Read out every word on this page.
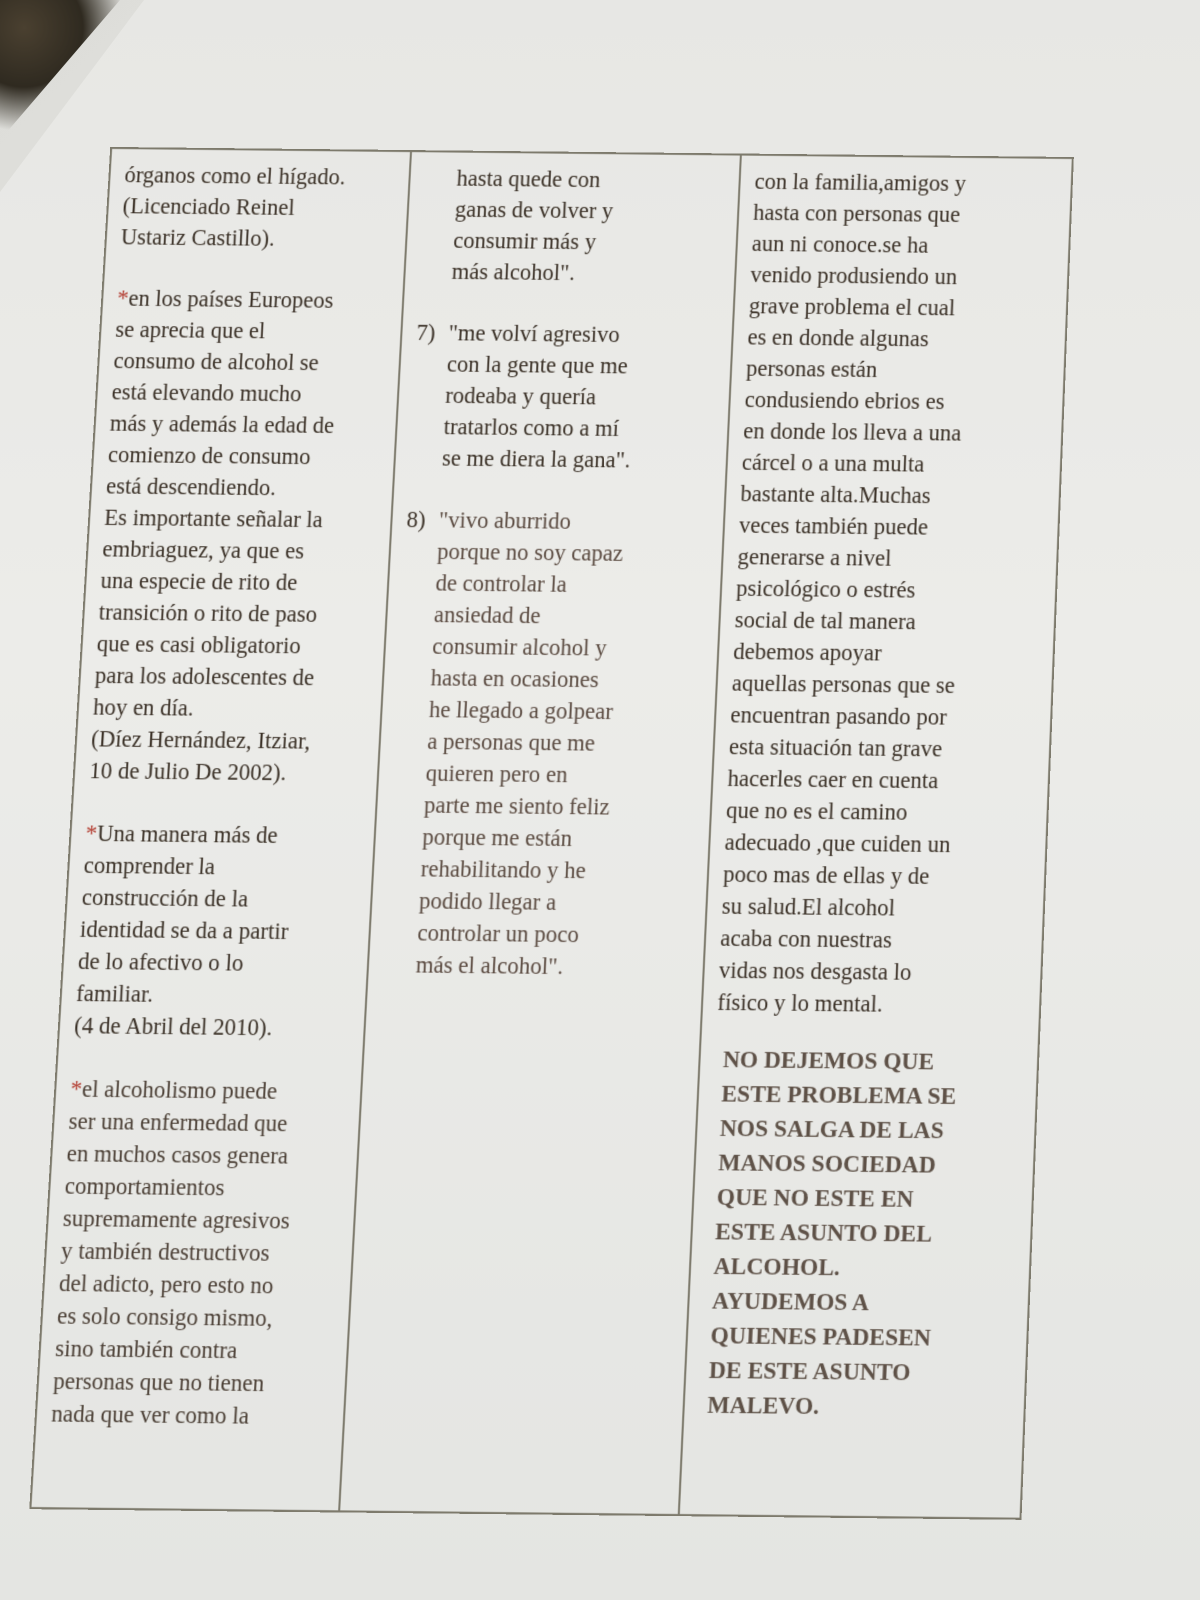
órganos como el hígado.
(Licenciado Reinel
Ustariz Castillo).

*en los países Europeos
se aprecia que el
consumo de alcohol se
está elevando mucho
más y además la edad de
comienzo de consumo
está descendiendo.
Es importante señalar la
embriaguez, ya que es
una especie de rito de
transición o rito de paso
que es casi obligatorio
para los adolescentes de
hoy en día.
(Díez Hernández, Itziar,
10 de Julio De 2002).

*Una manera más de
comprender la
construcción de la
identidad se da a partir
de lo afectivo o lo
familiar.
(4 de Abril del 2010).

*el alcoholismo puede
ser una enfermedad que
en muchos casos genera
comportamientos
supremamente agresivos
y también destructivos
del adicto, pero esto no
es solo consigo mismo,
sino también contra
personas que no tienen
nada que ver como la

hasta quede con
ganas de volver y
consumir más y
más alcohol".

7) "me volví agresivo
con la gente que me
rodeaba y quería
tratarlos como a mí
se me diera la gana".

8) "vivo aburrido
porque no soy capaz
de controlar la
ansiedad de
consumir alcohol y
hasta en ocasiones
he llegado a golpear
a personas que me
quieren pero en
parte me siento feliz
porque me están
rehabilitando y he
podido llegar a
controlar un poco
más el alcohol".

con la familia,amigos y
hasta con personas que
aun ni conoce.se ha
venido produsiendo un
grave problema el cual
es en donde algunas
personas están
condusiendo ebrios es
en donde los lleva a una
cárcel o a una multa
bastante alta.Muchas
veces también puede
generarse a nivel
psicológico o estrés
social de tal manera
debemos apoyar
aquellas personas que se
encuentran pasando por
esta situación tan grave
hacerles caer en cuenta
que no es el camino
adecuado ,que cuiden un
poco mas de ellas y de
su salud.El alcohol
acaba con nuestras
vidas nos desgasta lo
físico y lo mental.

NO DEJEMOS QUE
ESTE PROBLEMA SE
NOS SALGA DE LAS
MANOS SOCIEDAD
QUE NO ESTE EN
ESTE ASUNTO DEL
ALCOHOL.
AYUDEMOS A
QUIENES PADESEN
DE ESTE ASUNTO
MALEVO.
